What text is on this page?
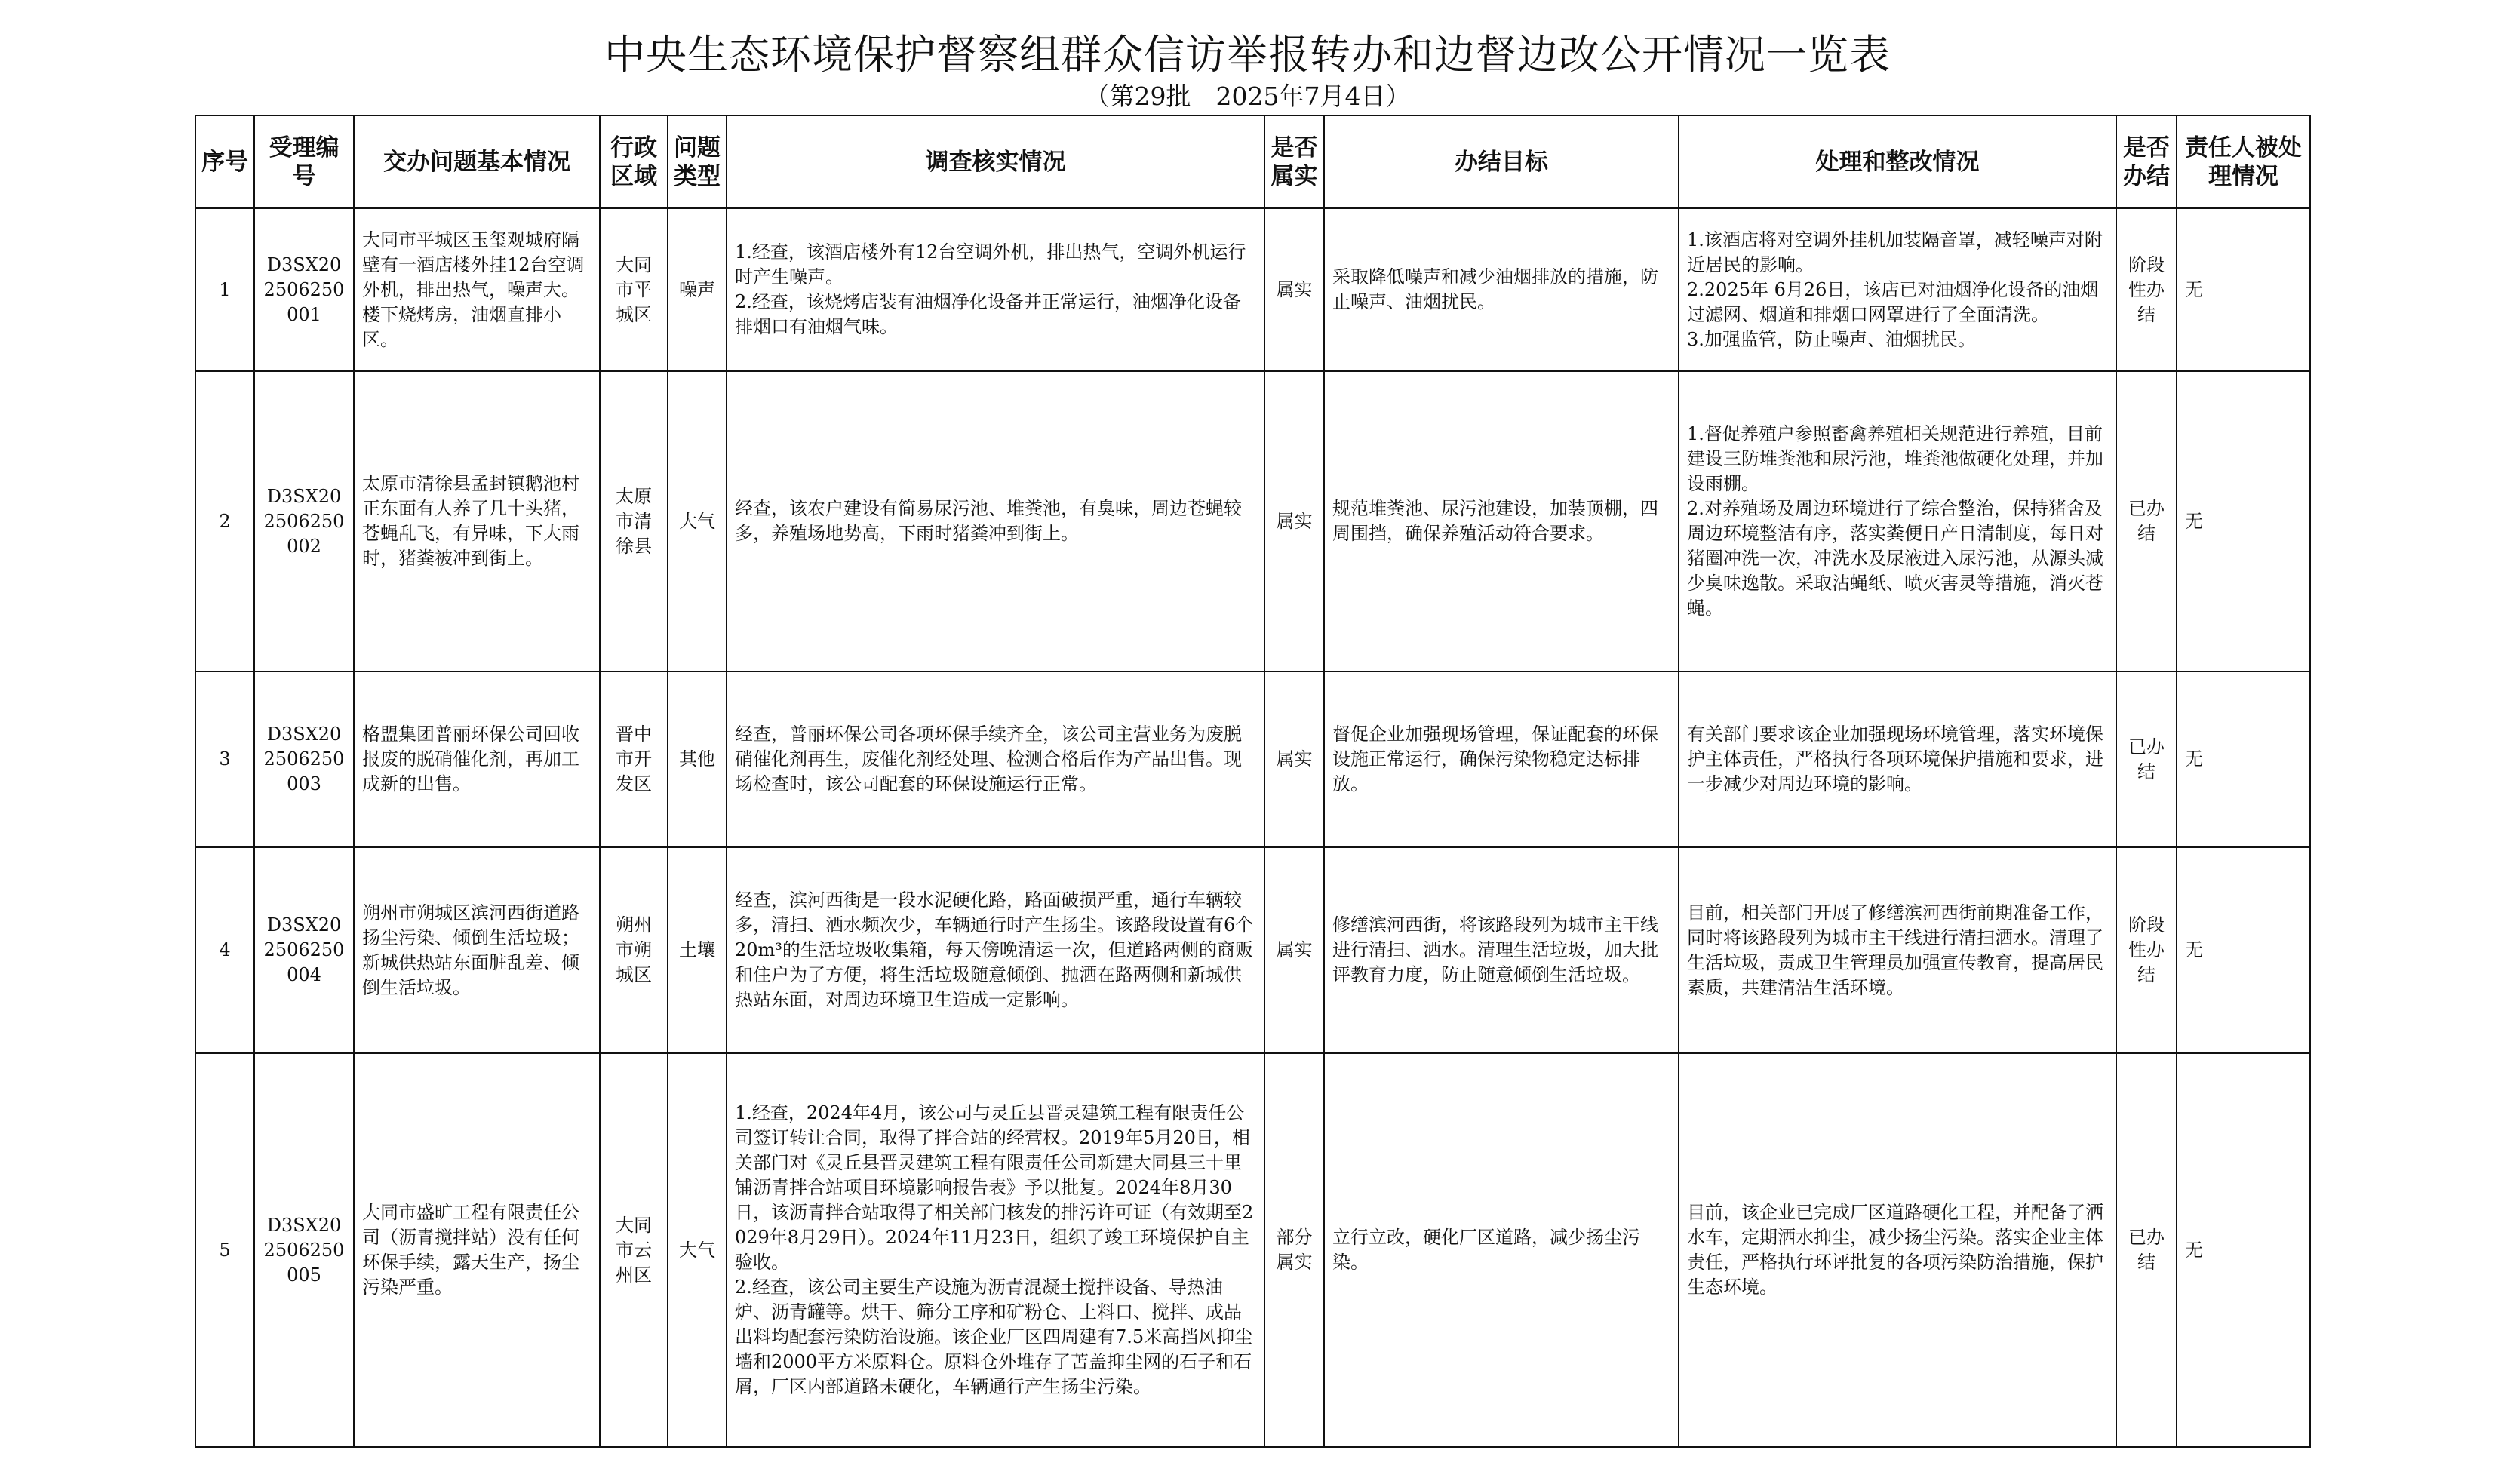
中央生态环境保护督察组群众信访举报转办和边督边改公开情况一览表
（第29批　2025年7月4日）
序号	受理编号	交办问题基本情况	行政区域	问题类型	调查核实情况	是否属实	办结目标	处理和整改情况	是否办结	责任人被处理情况
1	D3SX202506250001	大同市平城区玉玺观城府隔壁有一酒店楼外挂12台空调外机，排出热气，噪声大。楼下烧烤房，油烟直排小区。	大同市平城区	噪声	1.经查，该酒店楼外有12台空调外机，排出热气，空调外机运行时产生噪声。
2.经查，该烧烤店装有油烟净化设备并正常运行，油烟净化设备排烟口有油烟气味。	属实	采取降低噪声和减少油烟排放的措施，防止噪声、油烟扰民。	1.该酒店将对空调外挂机加装隔音罩，减轻噪声对附近居民的影响。
2.2025年 6月26日，该店已对油烟净化设备的油烟过滤网、烟道和排烟口网罩进行了全面清洗。
3.加强监管，防止噪声、油烟扰民。	阶段性办结	无
2	D3SX202506250002	太原市清徐县孟封镇鹅池村正东面有人养了几十头猪，苍蝇乱飞，有异味，下大雨时，猪粪被冲到街上。	太原市清徐县	大气	经查，该农户建设有简易尿污池、堆粪池，有臭味，周边苍蝇较多，养殖场地势高，下雨时猪粪冲到街上。	属实	规范堆粪池、尿污池建设，加装顶棚，四周围挡，确保养殖活动符合要求。	1.督促养殖户参照畜禽养殖相关规范进行养殖，目前建设三防堆粪池和尿污池，堆粪池做硬化处理，并加设雨棚。
2.对养殖场及周边环境进行了综合整治，保持猪舍及周边环境整洁有序，落实粪便日产日清制度，每日对猪圈冲洗一次，冲洗水及尿液进入尿污池，从源头减少臭味逸散。采取沾蝇纸、喷灭害灵等措施，消灭苍蝇。	已办结	无
3	D3SX202506250003	格盟集团普丽环保公司回收报废的脱硝催化剂，再加工成新的出售。	晋中市开发区	其他	经查，普丽环保公司各项环保手续齐全，该公司主营业务为废脱硝催化剂再生，废催化剂经处理、检测合格后作为产品出售。现场检查时，该公司配套的环保设施运行正常。	属实	督促企业加强现场管理，保证配套的环保设施正常运行，确保污染物稳定达标排放。	有关部门要求该企业加强现场环境管理，落实环境保护主体责任，严格执行各项环境保护措施和要求，进一步减少对周边环境的影响。	已办结	无
4	D3SX202506250004	朔州市朔城区滨河西街道路扬尘污染、倾倒生活垃圾；新城供热站东面脏乱差、倾倒生活垃圾。	朔州市朔城区	土壤	经查，滨河西街是一段水泥硬化路，路面破损严重，通行车辆较多，清扫、洒水频次少，车辆通行时产生扬尘。该路段设置有6个20m³的生活垃圾收集箱，每天傍晚清运一次，但道路两侧的商贩和住户为了方便，将生活垃圾随意倾倒、抛洒在路两侧和新城供热站东面，对周边环境卫生造成一定影响。	属实	修缮滨河西街，将该路段列为城市主干线进行清扫、洒水。清理生活垃圾，加大批评教育力度，防止随意倾倒生活垃圾。	目前，相关部门开展了修缮滨河西街前期准备工作，同时将该路段列为城市主干线进行清扫洒水。清理了生活垃圾，责成卫生管理员加强宣传教育，提高居民素质，共建清洁生活环境。	阶段性办结	无
5	D3SX202506250005	大同市盛旷工程有限责任公司（沥青搅拌站）没有任何环保手续，露天生产，扬尘污染严重。	大同市云州区	大气	1.经查，2024年4月，该公司与灵丘县晋灵建筑工程有限责任公司签订转让合同，取得了拌合站的经营权。2019年5月20日，相关部门对《灵丘县晋灵建筑工程有限责任公司新建大同县三十里铺沥青拌合站项目环境影响报告表》予以批复。2024年8月30日，该沥青拌合站取得了相关部门核发的排污许可证（有效期至2029年8月29日）。2024年11月23日，组织了竣工环境保护自主验收。
2.经查，该公司主要生产设施为沥青混凝土搅拌设备、导热油炉、沥青罐等。烘干、筛分工序和矿粉仓、上料口、搅拌、成品出料均配套污染防治设施。该企业厂区四周建有7.5米高挡风抑尘墙和2000平方米原料仓。原料仓外堆存了苫盖抑尘网的石子和石屑，厂区内部道路未硬化，车辆通行产生扬尘污染。	部分属实	立行立改，硬化厂区道路，减少扬尘污染。	目前，该企业已完成厂区道路硬化工程，并配备了洒水车，定期洒水抑尘，减少扬尘污染。落实企业主体责任，严格执行环评批复的各项污染防治措施，保护生态环境。	已办结	无
